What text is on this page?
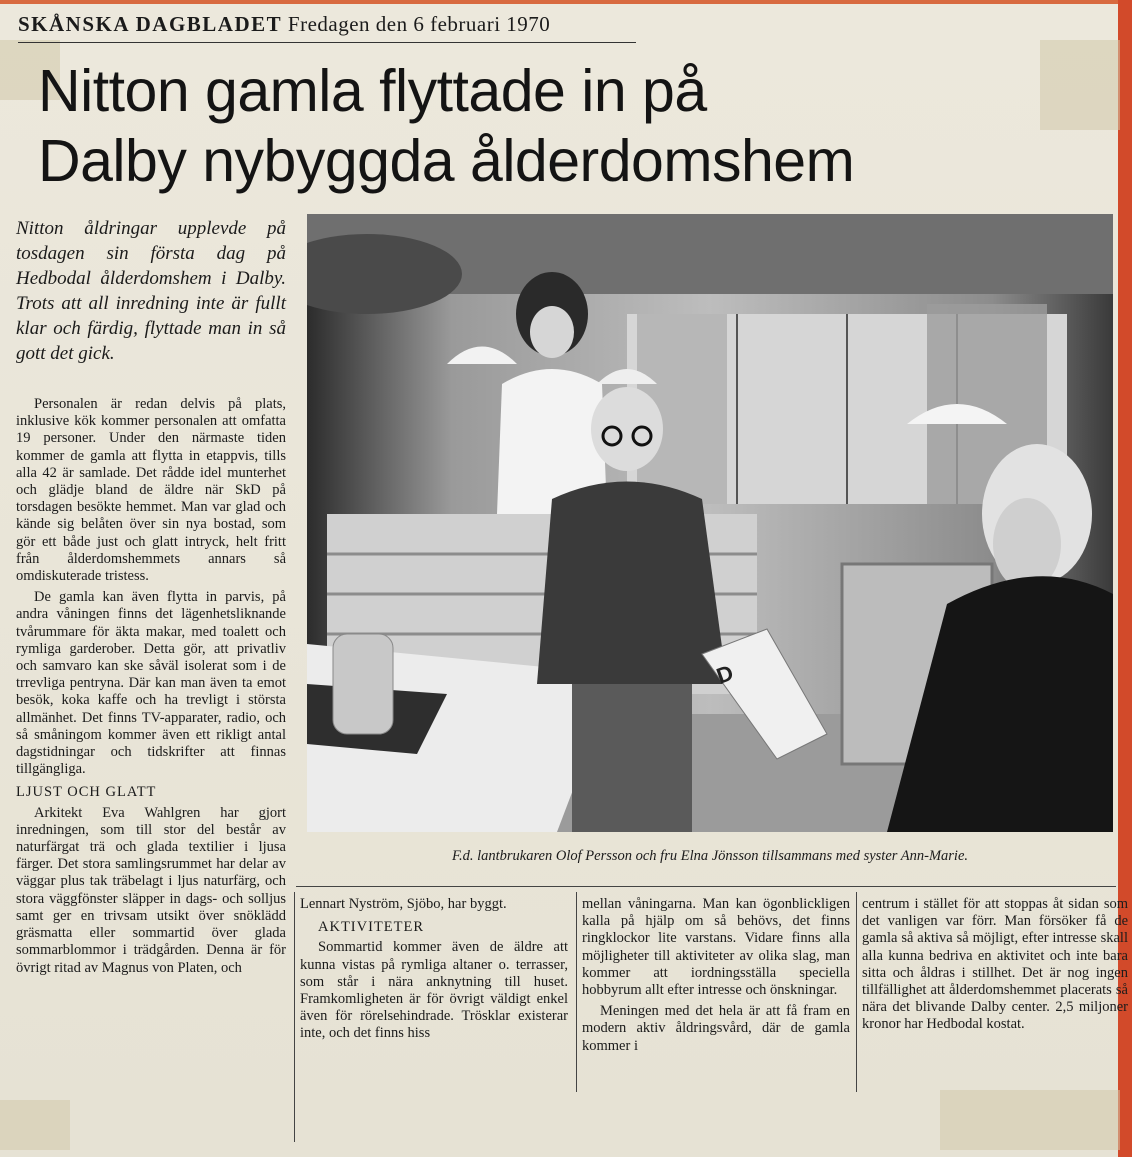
SKÅNSKA DAGBLADET Fredagen den 6 februari 1970
Nitton gamla flyttade in på
Dalby nybyggda ålderdomshem
Nitton åldringar upplevde på tosdagen sin första dag på Hedbodal ålderdomshem i Dalby. Trots att all inredning inte är fullt klar och färdig, flyttade man in så gott det gick.

Personalen är redan delvis på plats, inklusive kök kommer personalen att omfatta 19 personer. Under den närmaste tiden kommer de gamla att flytta in etappvis, tills alla 42 är samlade. Det rådde idel munterhet och glädje bland de äldre när SkD på torsdagen besökte hemmet. Man var glad och kände sig belåten över sin nya bostad, som gör ett både just och glatt intryck, helt fritt från ålderdomshemmets annars så omdiskuterade tristess.

De gamla kan även flytta in parvis, på andra våningen finns det lägenhetsliknande tvårummare för äkta makar, med toalett och rymliga garderober. Detta gör, att privatliv och samvaro kan ske såväl isolerat som i de trrevliga pentryna. Där kan man även ta emot besök, koka kaffe och ha trevligt i största allmänhet. Det finns TV-apparater, radio, och så småningom kommer även ett rikligt antal dagstidningar och tidskrifter att finnas tillgängliga.

LJUST OCH GLATT

Arkitekt Eva Wahlgren har gjort inredningen, som till stor del består av naturfärgat trä och glada textilier i ljusa färger. Det stora samlingsrummet har delar av väggar plus tak träbelagt i ljus naturfärg, och stora väggfönster släpper in dags- och solljus samt ger en trivsam utsikt över snöklädd gräsmatta eller sommartid över glada sommarblommor i trädgården. Denna är för övrigt ritad av Magnus von Platen, och

D
F.d. lantbrukaren Olof Persson och fru Elna Jönsson tillsammans med syster Ann-Marie.

Lennart Nyström, Sjöbo, har byggt.

AKTIVITETER

Sommartid kommer även de äldre att kunna vistas på rymliga altaner o. terrasser, som står i nära anknytning till huset. Framkomligheten är för övrigt väldigt enkel även för rörelsehindrade. Trösklar existerar inte, och det finns hiss

mellan våningarna. Man kan ögonblickligen kalla på hjälp om så behövs, det finns ringklockor lite varstans. Vidare finns alla möjligheter till aktiviteter av olika slag, man kommer att iordningsställa speciella hobbyrum allt efter intresse och önskningar.

Meningen med det hela är att få fram en modern aktiv åldringsvård, där de gamla kommer i

centrum i stället för att stoppas åt sidan som det vanligen var förr. Man försöker få de gamla så aktiva så möjligt, efter intresse skall alla kunna bedriva en aktivitet och inte bara sitta och åldras i stillhet. Det är nog ingen tillfällighet att ålderdomshemmet placerats så nära det blivande Dalby center. 2,5 miljoner kronor har Hedbodal kostat.
